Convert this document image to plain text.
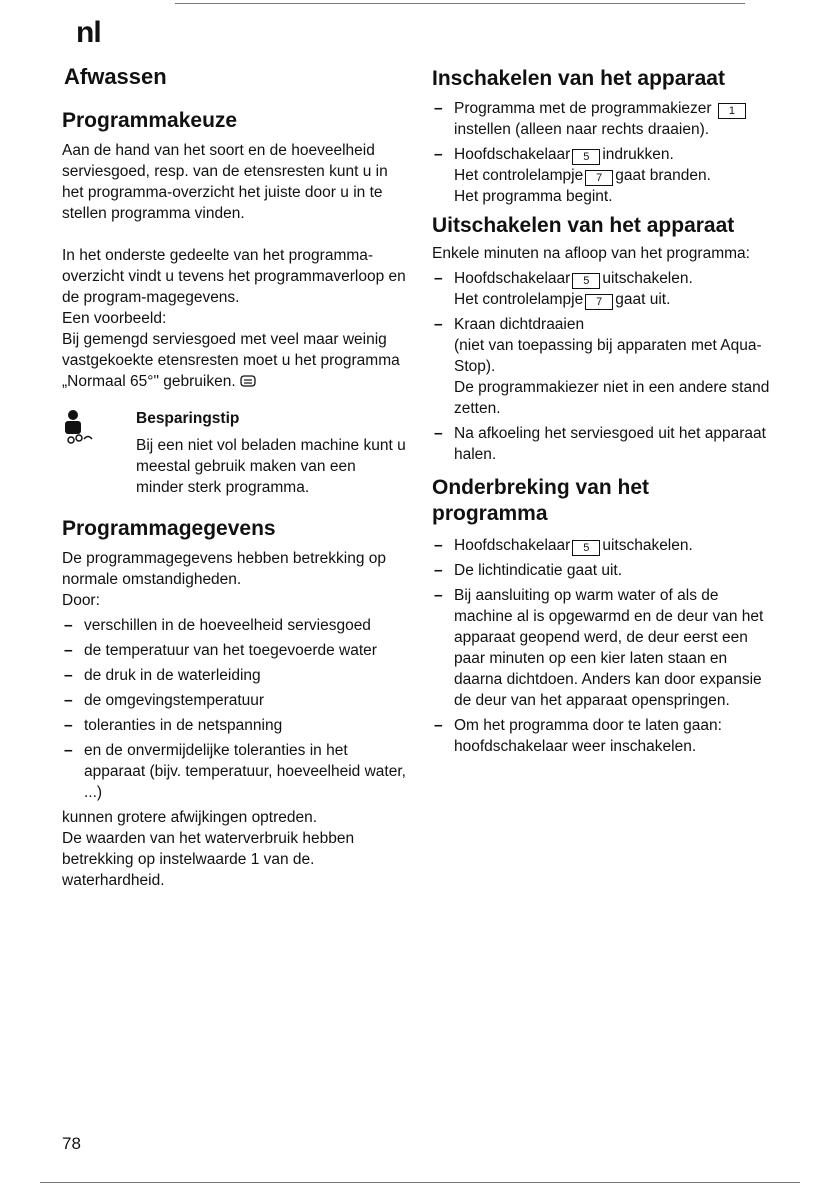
nl
Afwassen
Programmakeuze

Aan de hand van het soort en de hoeveelheid serviesgoed, resp. van de etensresten kunt u in het programma-overzicht het juiste door u in te stellen programma vinden.

In het onderste gedeelte van het programma-overzicht vindt u tevens het programmaverloop en de program-magegevens.

Een voorbeeld:

Bij gemengd serviesgoed met veel maar weinig vastgekoekte etensresten moet u het programma „Normaal 65°" gebruiken.

Besparingstip

Bij een niet vol beladen machine kunt u meestal gebruik maken van een minder sterk programma.

Programmagegevens

De programmagegevens hebben betrekking op normale omstandigheden.

Door:

– verschillen in de hoeveelheid serviesgoed
– de temperatuur van het toegevoerde water
– de druk in de waterleiding
– de omgevingstemperatuur
– toleranties in de netspanning
– en de onvermijdelijke toleranties in het apparaat (bijv. temperatuur, hoeveelheid water, ...)

kunnen grotere afwijkingen optreden.

De waarden van het waterverbruik hebben betrekking op instelwaarde 1 van de. waterhardheid.

Inschakelen van het apparaat
– Programma met de programmakiezer 1 instellen (alleen naar rechts draaien).
– Hoofdschakelaar 5 indrukken.
Het controlelampje 7 gaat branden.
Het programma begint.
Uitschakelen van het apparaat

Enkele minuten na afloop van het programma:

– Hoofdschakelaar 5 uitschakelen.
Het controlelampje 7 gaat uit.
– Kraan dichtdraaien
(niet van toepassing bij apparaten met Aqua-Stop).
De programmakiezer niet in een andere stand zetten.
– Na afkoeling het serviesgoed uit het apparaat halen.
Onderbreking van het programma
– Hoofdschakelaar 5 uitschakelen.
– De lichtindicatie gaat uit.
– Bij aansluiting op warm water of als de machine al is opgewarmd en de deur van het apparaat geopend werd, de deur eerst een paar minuten op een kier laten staan en daarna dichtdoen. Anders kan door expansie de deur van het apparaat openspringen.
– Om het programma door te laten gaan: hoofdschakelaar weer inschakelen.
78
